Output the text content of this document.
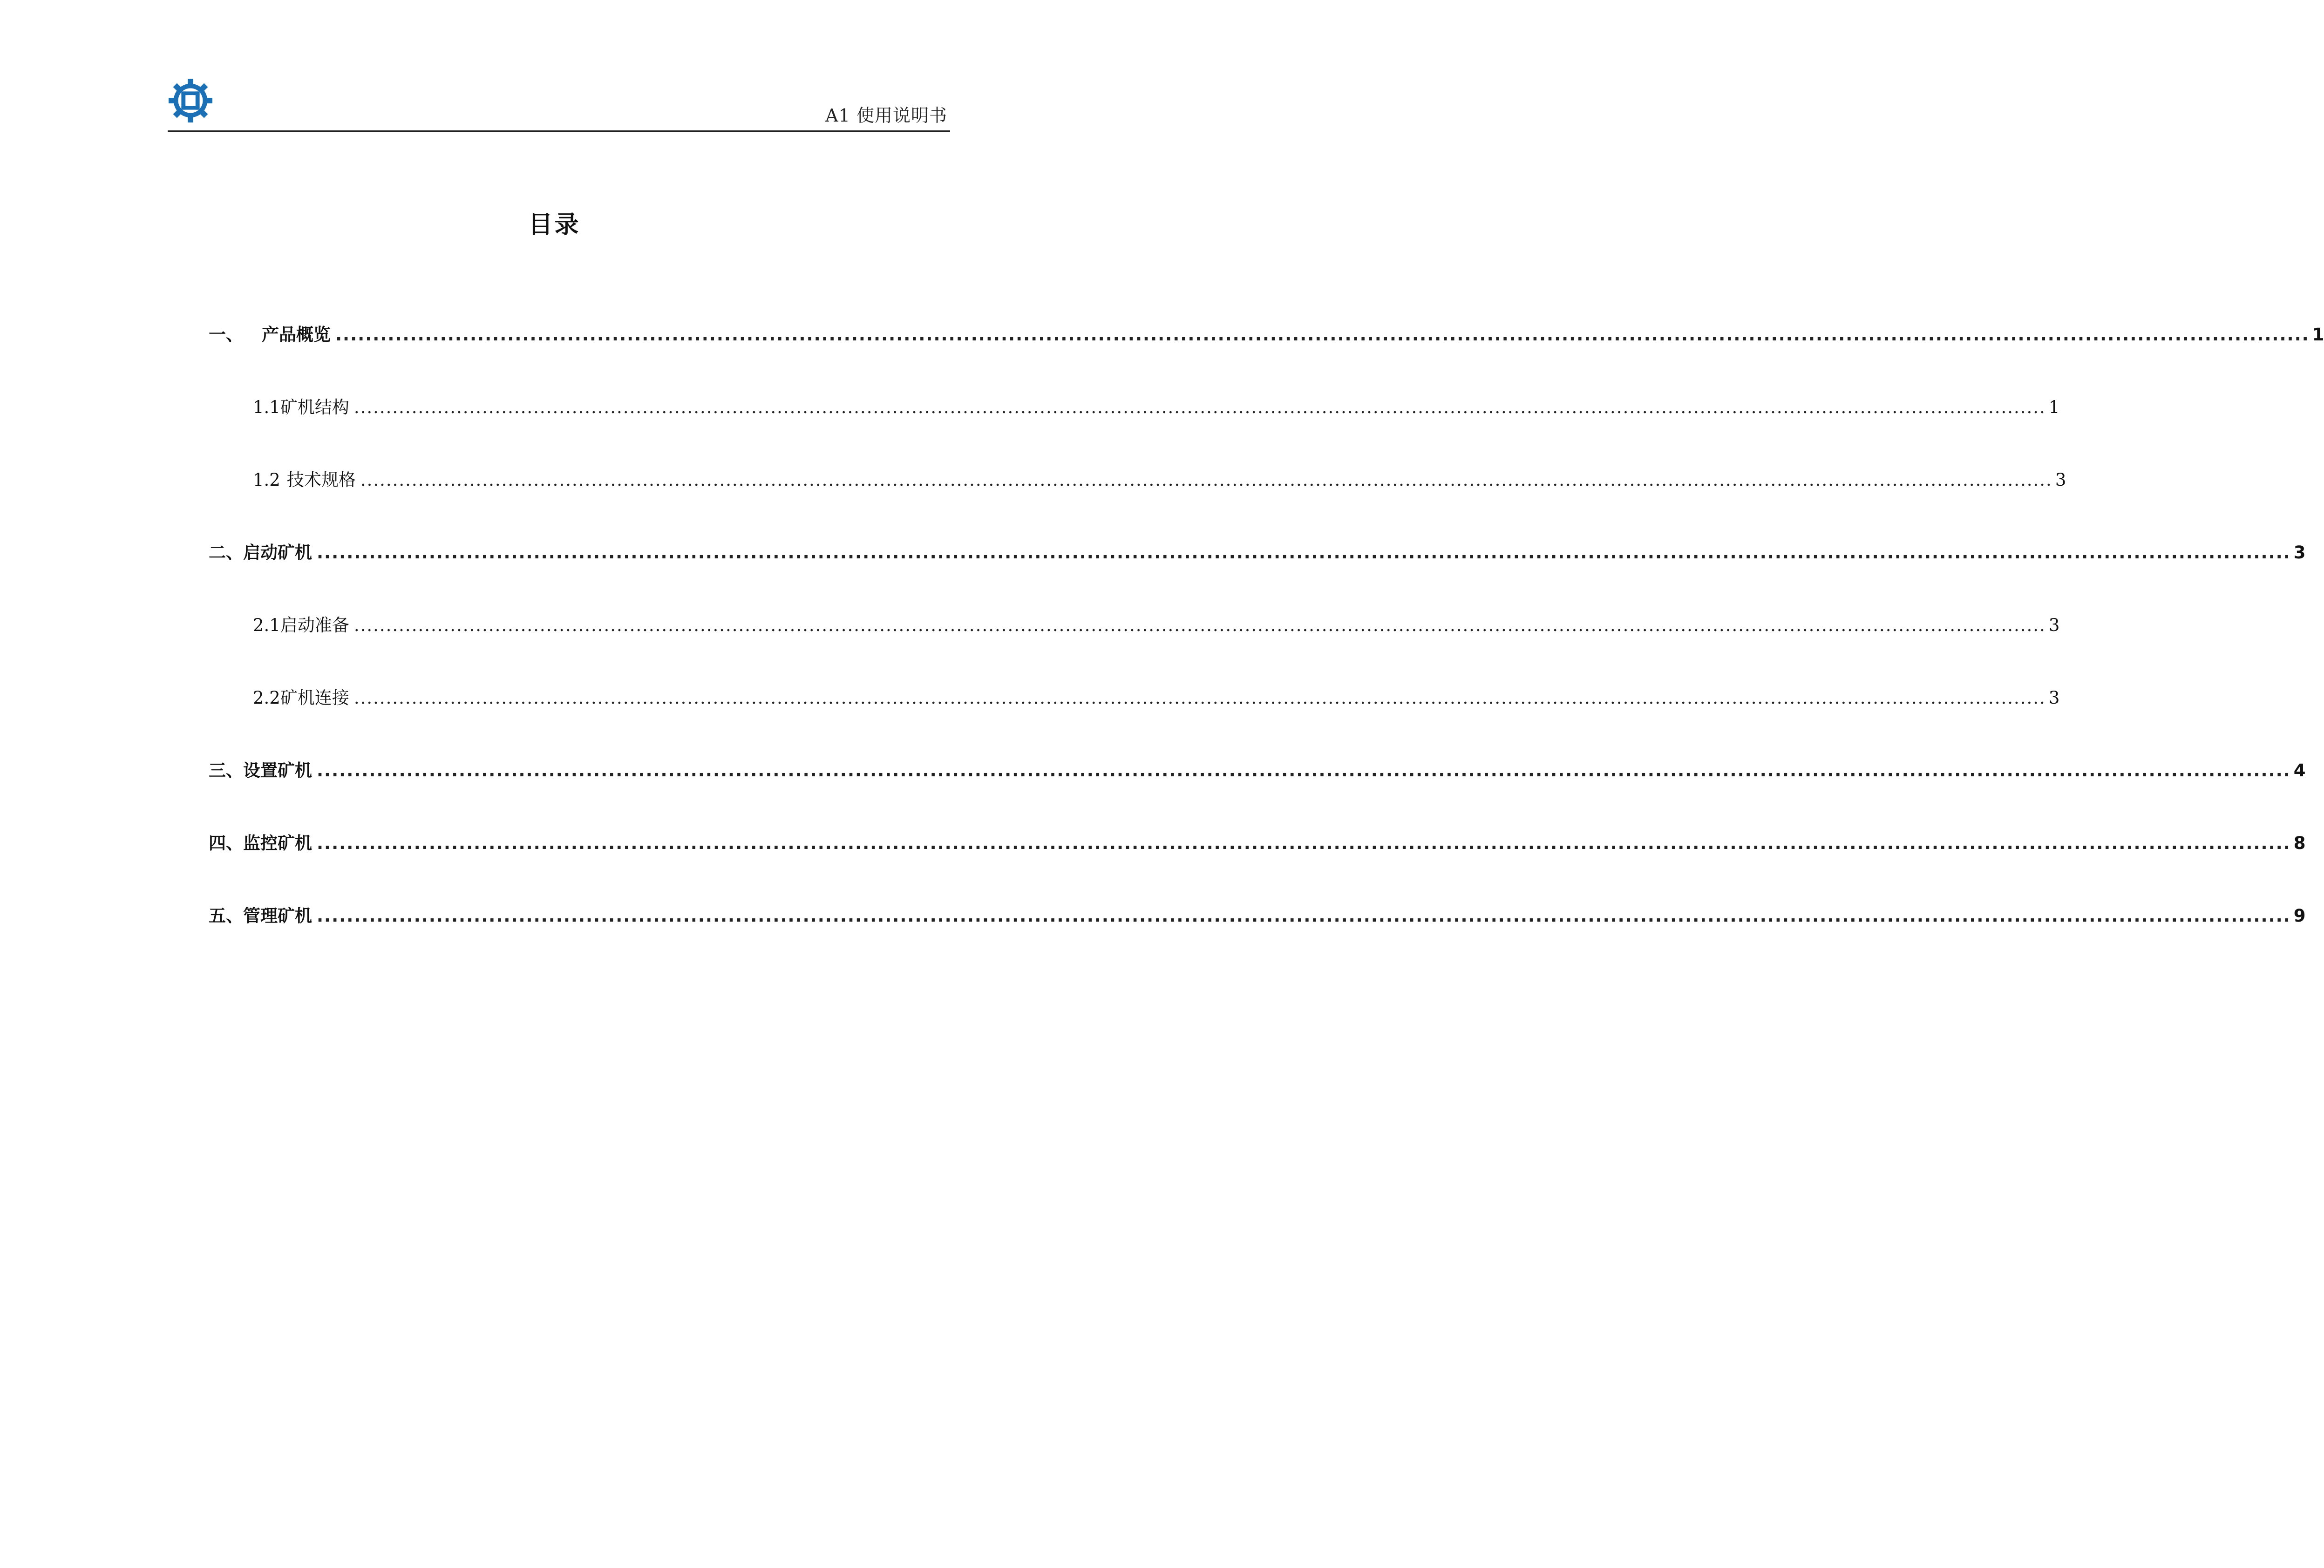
A1 使用说明书
目录
一、 产品概览 ........................................................................................................................................................................................................................................................................ 1
1.1 矿机结构 ........................................................................................................................................................................................................................................................................ 1
1.2 技术规格 ........................................................................................................................................................................................................................................................................ 3
二、 启动矿机 ........................................................................................................................................................................................................................................................................ 3
2.1 启动准备 ........................................................................................................................................................................................................................................................................ 3
2.2 矿机连接 ........................................................................................................................................................................................................................................................................ 3
三、 设置矿机 ........................................................................................................................................................................................................................................................................ 4
四、 监控矿机 ........................................................................................................................................................................................................................................................................ 8
五、 管理矿机 ........................................................................................................................................................................................................................................................................ 9
